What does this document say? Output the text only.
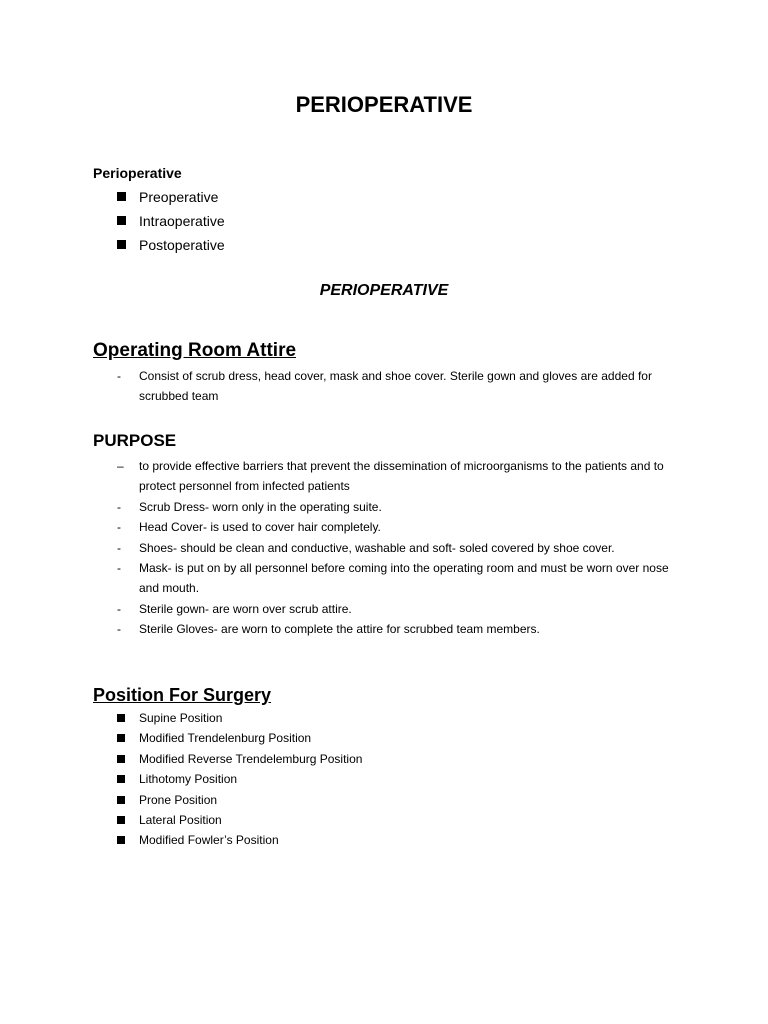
PERIOPERATIVE
Perioperative
Preoperative
Intraoperative
Postoperative
PERIOPERATIVE
Operating Room Attire
- Consist of scrub dress, head cover, mask and shoe cover. Sterile gown and gloves are added for scrubbed team
PURPOSE
– to provide effective barriers that prevent the dissemination of microorganisms to the patients and to protect personnel from infected patients
- Scrub Dress- worn only in the operating suite.
- Head Cover- is used to cover hair completely.
- Shoes- should be clean and conductive, washable and soft- soled covered by shoe cover.
- Mask- is put on by all personnel before coming into the operating room and must be worn over nose and mouth.
- Sterile gown- are worn over scrub attire.
- Sterile Gloves- are worn to complete the attire for scrubbed team members.
Position For Surgery
Supine Position
Modified Trendelenburg Position
Modified Reverse Trendelemburg Position
Lithotomy Position
Prone Position
Lateral Position
Modified Fowler’s Position
